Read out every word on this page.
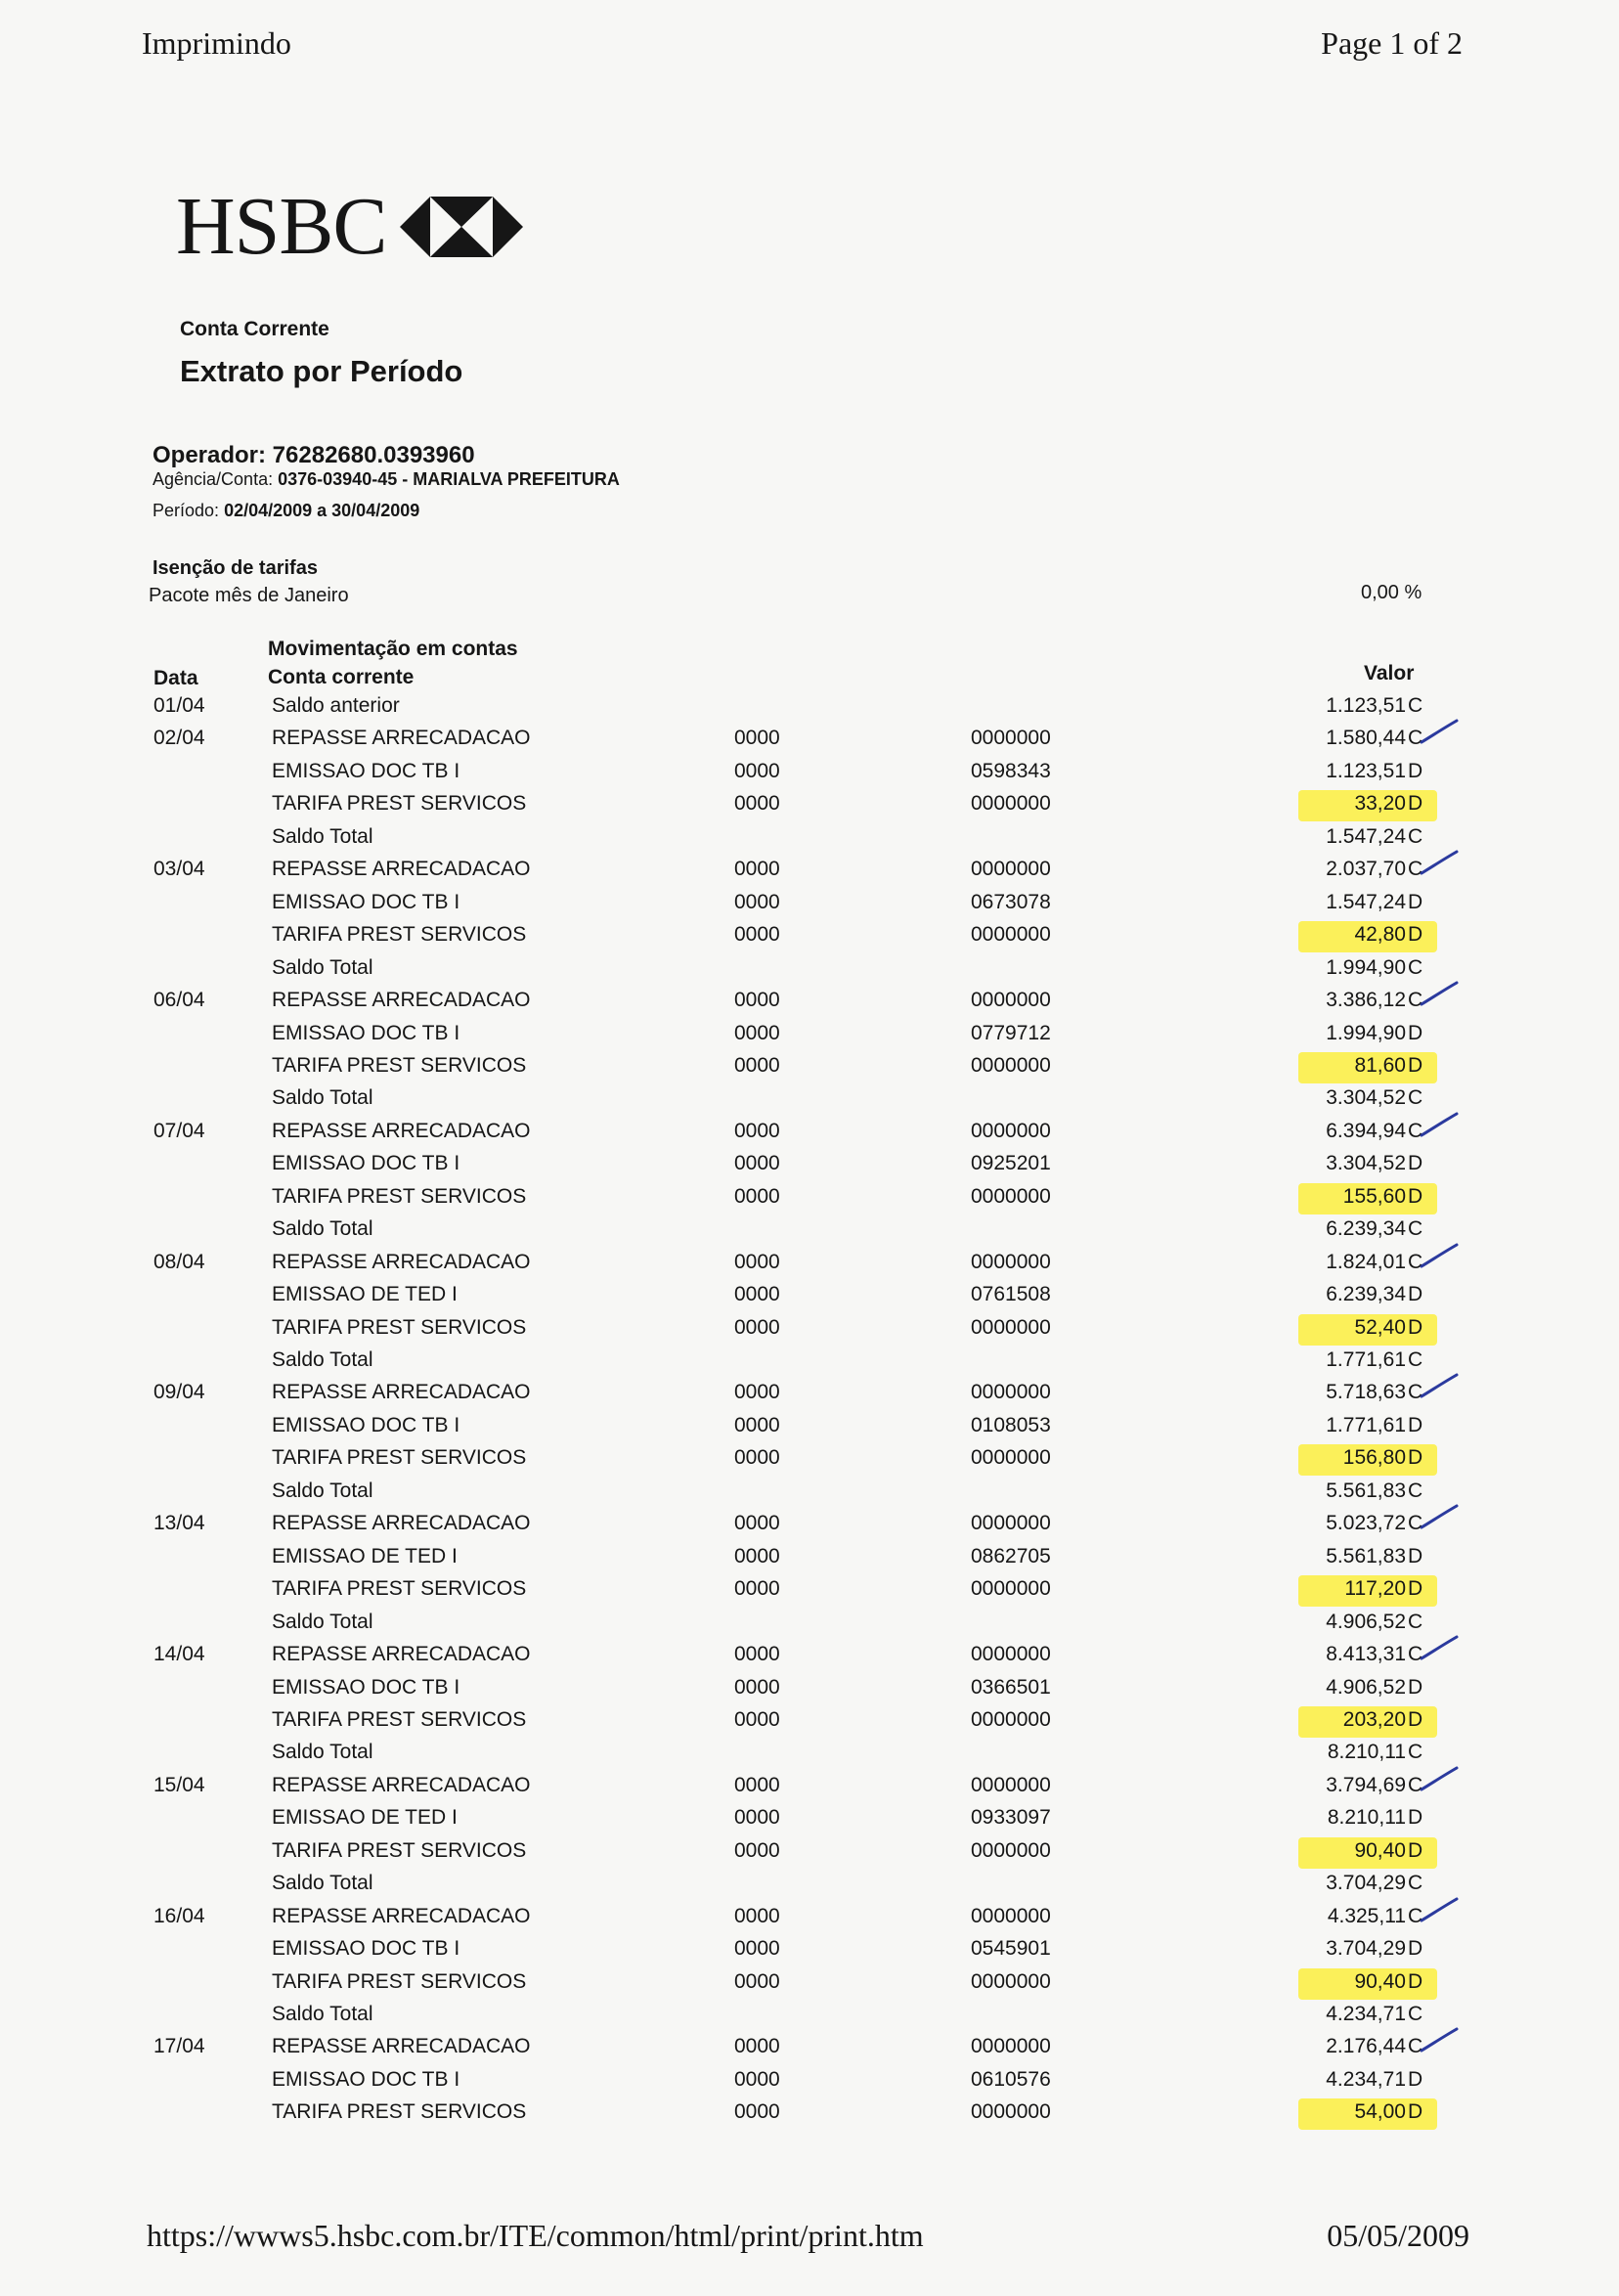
Imprimindo	Page 1 of 2
HSBC
Conta Corrente
Extrato por Período
Operador: 76282680.0393960
Agência/Conta: 0376-03940-45 - MARIALVA PREFEITURA
Período: 02/04/2009 a 30/04/2009
Isenção de tarifas
Pacote mês de Janeiro	0,00 %
Movimentação em contas
Conta corrente
Data	Valor
01/04	Saldo anterior	1.123,51 C
02/04	REPASSE ARRECADACAO	0000	0000000	1.580,44 C
EMISSAO DOC TB I	0000	0598343	1.123,51 D
TARIFA PREST SERVICOS	0000	0000000	33,20 D
Saldo Total	1.547,24 C
03/04	REPASSE ARRECADACAO	0000	0000000	2.037,70 C
EMISSAO DOC TB I	0000	0673078	1.547,24 D
TARIFA PREST SERVICOS	0000	0000000	42,80 D
Saldo Total	1.994,90 C
06/04	REPASSE ARRECADACAO	0000	0000000	3.386,12 C
EMISSAO DOC TB I	0000	0779712	1.994,90 D
TARIFA PREST SERVICOS	0000	0000000	81,60 D
Saldo Total	3.304,52 C
07/04	REPASSE ARRECADACAO	0000	0000000	6.394,94 C
EMISSAO DOC TB I	0000	0925201	3.304,52 D
TARIFA PREST SERVICOS	0000	0000000	155,60 D
Saldo Total	6.239,34 C
08/04	REPASSE ARRECADACAO	0000	0000000	1.824,01 C
EMISSAO DE TED I	0000	0761508	6.239,34 D
TARIFA PREST SERVICOS	0000	0000000	52,40 D
Saldo Total	1.771,61 C
09/04	REPASSE ARRECADACAO	0000	0000000	5.718,63 C
EMISSAO DOC TB I	0000	0108053	1.771,61 D
TARIFA PREST SERVICOS	0000	0000000	156,80 D
Saldo Total	5.561,83 C
13/04	REPASSE ARRECADACAO	0000	0000000	5.023,72 C
EMISSAO DE TED I	0000	0862705	5.561,83 D
TARIFA PREST SERVICOS	0000	0000000	117,20 D
Saldo Total	4.906,52 C
14/04	REPASSE ARRECADACAO	0000	0000000	8.413,31 C
EMISSAO DOC TB I	0000	0366501	4.906,52 D
TARIFA PREST SERVICOS	0000	0000000	203,20 D
Saldo Total	8.210,11 C
15/04	REPASSE ARRECADACAO	0000	0000000	3.794,69 C
EMISSAO DE TED I	0000	0933097	8.210,11 D
TARIFA PREST SERVICOS	0000	0000000	90,40 D
Saldo Total	3.704,29 C
16/04	REPASSE ARRECADACAO	0000	0000000	4.325,11 C
EMISSAO DOC TB I	0000	0545901	3.704,29 D
TARIFA PREST SERVICOS	0000	0000000	90,40 D
Saldo Total	4.234,71 C
17/04	REPASSE ARRECADACAO	0000	0000000	2.176,44 C
EMISSAO DOC TB I	0000	0610576	4.234,71 D
TARIFA PREST SERVICOS	0000	0000000	54,00 D
https://wwws5.hsbc.com.br/ITE/common/html/print/print.htm	05/05/2009
